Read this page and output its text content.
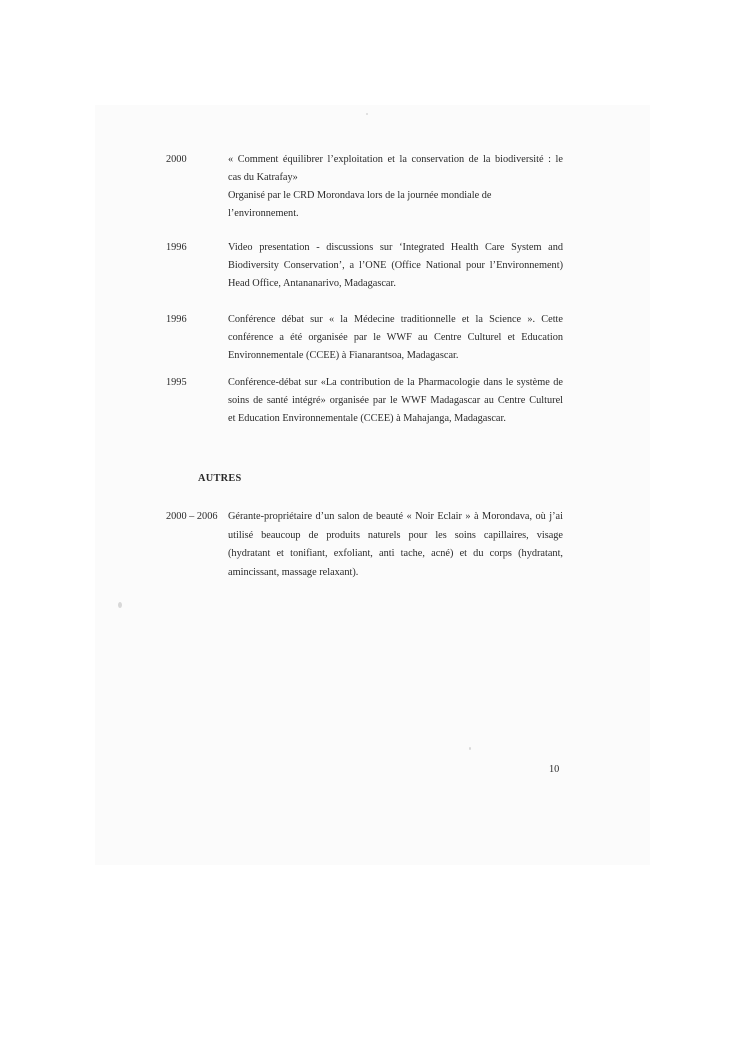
2000	« Comment équilibrer l’exploitation et la conservation de la biodiversité : le
cas du Katrafay»
Organisé par le CRD Morondava lors de la journée mondiale de
l’environnement.
1996	Video presentation - discussions sur ‘Integrated Health Care System and
Biodiversity Conservation’, a l’ONE (Office National pour l’Environnement)
Head Office, Antananarivo, Madagascar.
1996	Conférence débat sur « la Médecine traditionnelle et la Science ». Cette
conférence a été organisée par le WWF au Centre Culturel et Education
Environnementale (CCEE) à Fianarantsoa, Madagascar.
1995	Conférence-débat sur «La contribution de la Pharmacologie dans le système de
soins de santé intégré» organisée par le WWF Madagascar au Centre Culturel
et Education Environnementale (CCEE) à Mahajanga, Madagascar.
AUTRES
2000 – 2006 Gérante-propriétaire d’un salon de beauté « Noir Eclair » à Morondava, où j’ai
utilisé beaucoup de produits naturels pour les soins capillaires, visage
(hydratant et tonifiant, exfoliant, anti tache, acné) et du corps (hydratant,
amincissant, massage relaxant).
10
